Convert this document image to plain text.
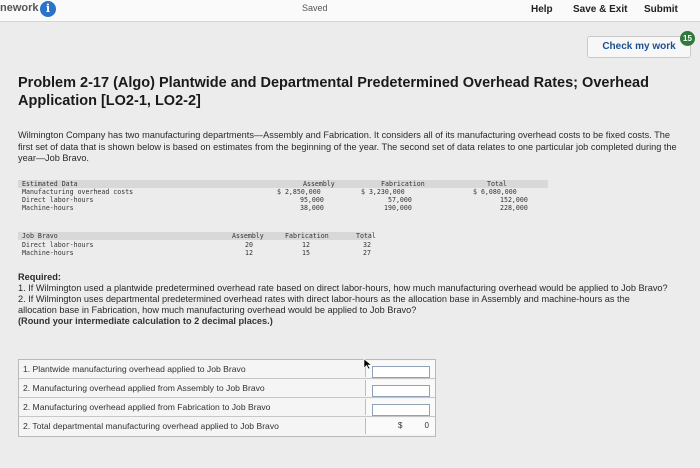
nework i	Saved	Help Save & Exit Submit
Check my work
15
Problem 2-17 (Algo) Plantwide and Departmental Predetermined Overhead Rates; Overhead Application [LO2-1, LO2-2]
Wilmington Company has two manufacturing departments—Assembly and Fabrication. It considers all of its manufacturing overhead costs to be fixed costs. The first set of data that is shown below is based on estimates from the beginning of the year. The second set of data relates to one particular job completed during the year—Job Bravo.
Estimated Data	Assembly	Fabrication	Total
Manufacturing overhead costs	$ 2,850,000	$ 3,230,000	$ 6,080,000
Direct labor-hours	95,000	57,000	152,000
Machine-hours	38,000	190,000	228,000
Job Bravo	Assembly	Fabrication	Total
Direct labor-hours	20	12	32
Machine-hours	12	15	27
Required:
1. If Wilmington used a plantwide predetermined overhead rate based on direct labor-hours, how much manufacturing overhead would be applied to Job Bravo?
2. If Wilmington uses departmental predetermined overhead rates with direct labor-hours as the allocation base in Assembly and machine-hours as the allocation base in Fabrication, how much manufacturing overhead would be applied to Job Bravo?
(Round your intermediate calculation to 2 decimal places.)
1. Plantwide manufacturing overhead applied to Job Bravo
2. Manufacturing overhead applied from Assembly to Job Bravo
2. Manufacturing overhead applied from Fabrication to Job Bravo
2. Total departmental manufacturing overhead applied to Job Bravo	$	0
